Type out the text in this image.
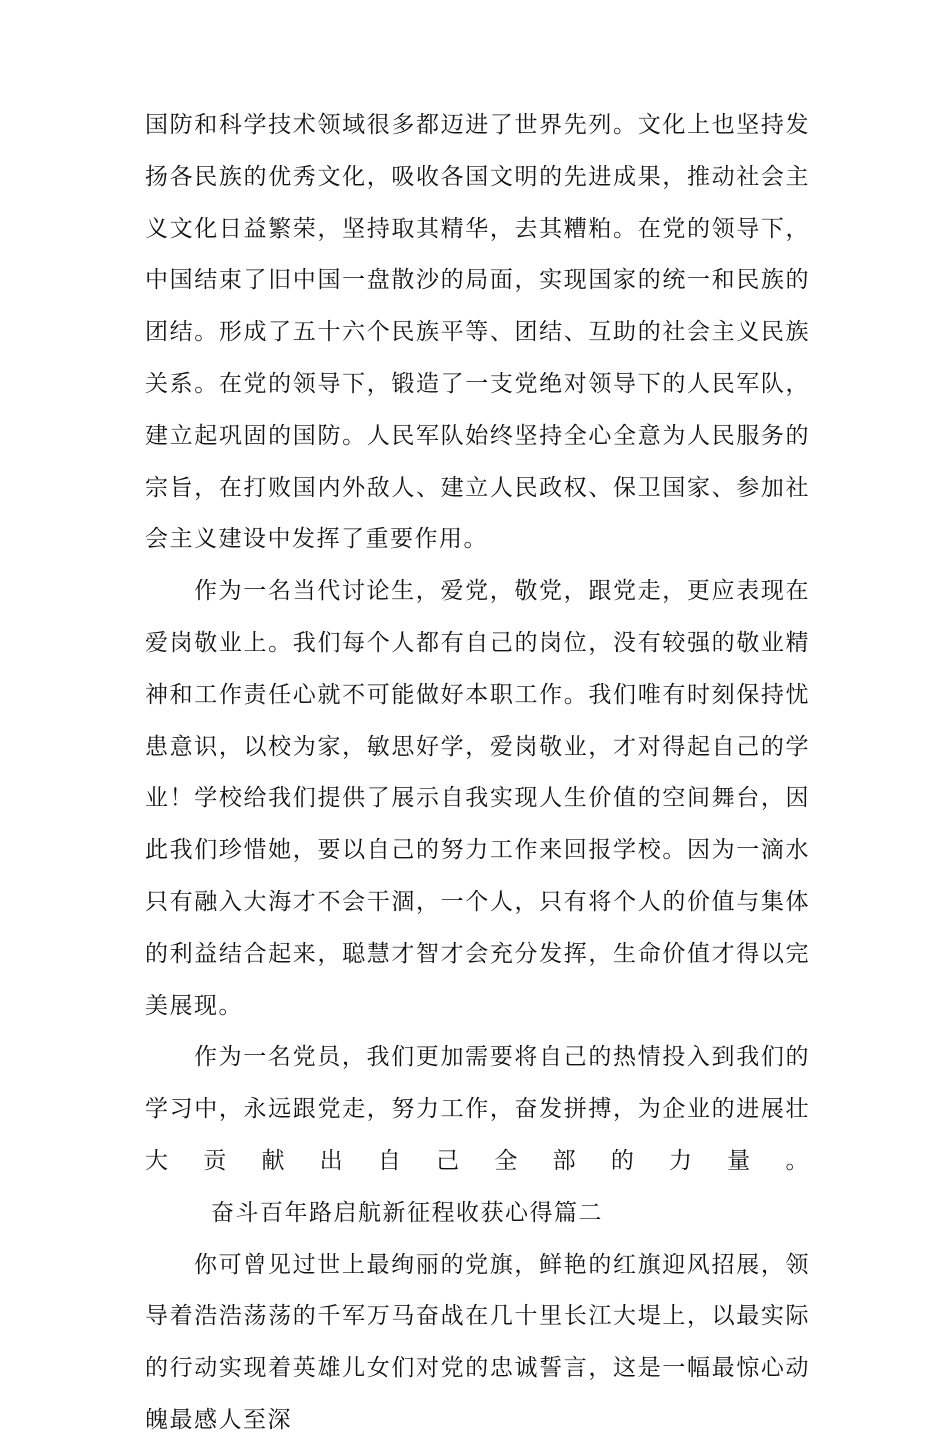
国防和科学技术领域很多都迈进了世界先列。文化上也坚持发扬各民族的优秀文化，吸收各国文明的先进成果，推动社会主义文化日益繁荣，坚持取其精华，去其糟粕。在党的领导下，中国结束了旧中国一盘散沙的局面，实现国家的统一和民族的团结。形成了五十六个民族平等、团结、互助的社会主义民族关系。在党的领导下，锻造了一支党绝对领导下的人民军队，建立起巩固的国防。人民军队始终坚持全心全意为人民服务的宗旨，在打败国内外敌人、建立人民政权、保卫国家、参加社会主义建设中发挥了重要作用。

作为一名当代讨论生，爱党，敬党，跟党走，更应表现在爱岗敬业上。我们每个人都有自己的岗位，没有较强的敬业精神和工作责任心就不可能做好本职工作。我们唯有时刻保持忧患意识，以校为家，敏思好学，爱岗敬业，才对得起自己的学业！学校给我们提供了展示自我实现人生价值的空间舞台，因此我们珍惜她，要以自己的努力工作来回报学校。因为一滴水只有融入大海才不会干涸，一个人，只有将个人的价值与集体的利益结合起来，聪慧才智才会充分发挥，生命价值才得以完美展现。

作为一名党员，我们更加需要将自己的热情投入到我们的学习中，永远跟党走，努力工作，奋发拼搏，为企业的进展壮大贡献出自己全部的力量。奋斗百年路启航新征程收获心得篇二

你可曾见过世上最绚丽的党旗，鲜艳的红旗迎风招展，领导着浩浩荡荡的千军万马奋战在几十里长江大堤上，以最实际的行动实现着英雄儿女们对党的忠诚誓言，这是一幅最惊心动魄最感人至深
